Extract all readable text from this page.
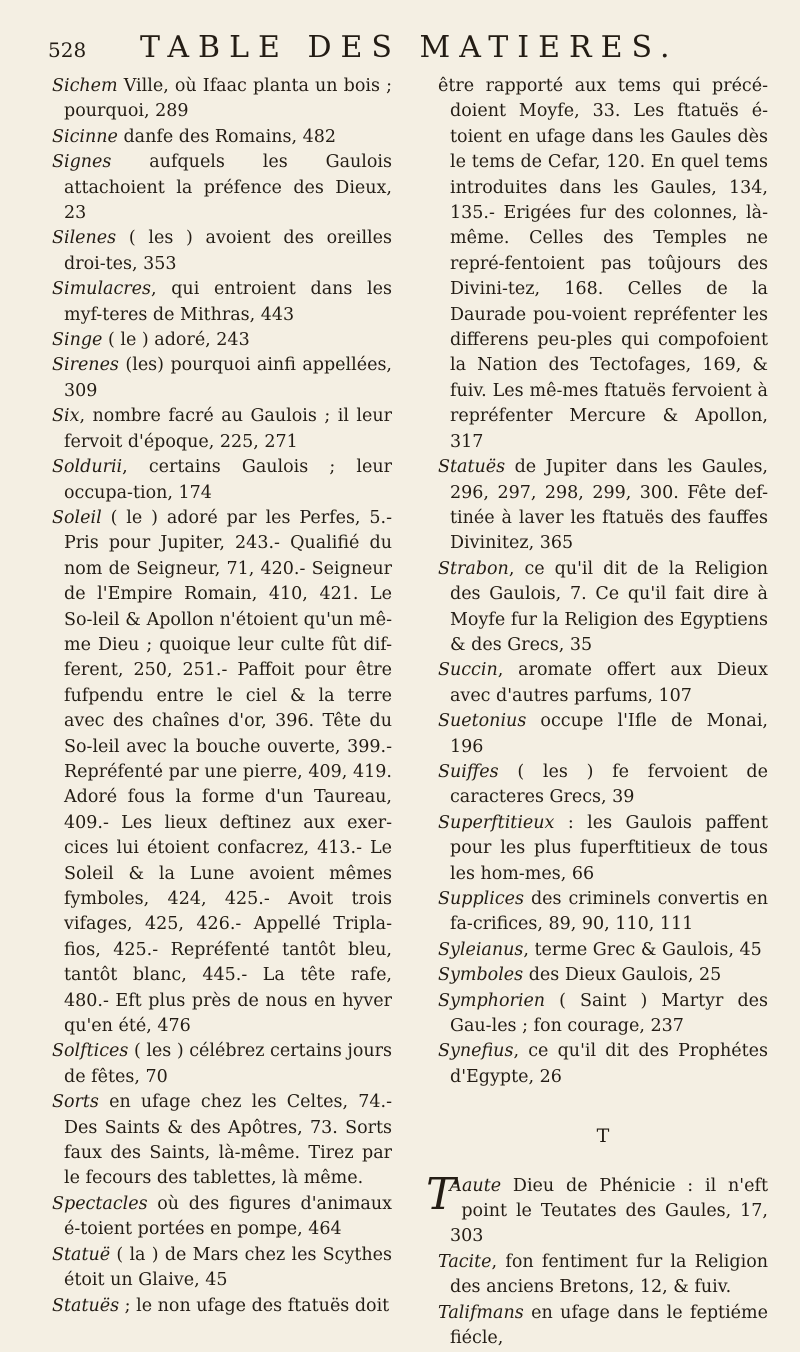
528 TABLE DES MATIERES.

Sichem Ville, où Ifaac planta un bois ; pourquoi, 289

Sicinne danfe des Romains, 482

Signes aufquels les Gaulois attachoient la préfence des Dieux, 23

Silenes ( les ) avoient des oreilles droi-tes, 353

Simulacres, qui entroient dans les myf-teres de Mithras, 443

Singe ( le ) adoré, 243

Sirenes (les) pourquoi ainfi appellées, 309

Six, nombre facré au Gaulois ; il leur fervoit d'époque, 225, 271

Soldurii, certains Gaulois ; leur occupa-tion, 174

Soleil ( le ) adoré par les Perfes, 5.- Pris pour Jupiter, 243.- Qualifié du nom de Seigneur, 71, 420.- Seigneur de l'Empire Romain, 410, 421. Le So-leil & Apollon n'étoient qu'un mê-me Dieu ; quoique leur culte fût dif-ferent, 250, 251.- Paffoit pour être fufpendu entre le ciel & la terre avec des chaînes d'or, 396. Tête du So-leil avec la bouche ouverte, 399.- Repréfenté par une pierre, 409, 419. Adoré fous la forme d'un Taureau, 409.- Les lieux deftinez aux exer-cices lui étoient confacrez, 413.- Le Soleil & la Lune avoient mêmes fymboles, 424, 425.- Avoit trois vifages, 425, 426.- Appellé Tripla-fios, 425.- Repréfenté tantôt bleu, tantôt blanc, 445.- La tête rafe, 480.- Eft plus près de nous en hyver qu'en été, 476

Solftices ( les ) célébrez certains jours de fêtes, 70

Sorts en ufage chez les Celtes, 74.- Des Saints & des Apôtres, 73. Sorts faux des Saints, là-même. Tirez par le fecours des tablettes, là même.

Spectacles où des figures d'animaux é-toient portées en pompe, 464

Statuë ( la ) de Mars chez les Scythes étoit un Glaive, 45

Statuës ; le non ufage des ftatuës doit

être rapporté aux tems qui précé-doient Moyfe, 33. Les ftatuës é-toient en ufage dans les Gaules dès le tems de Cefar, 120. En quel tems introduites dans les Gaules, 134, 135.- Erigées fur des colonnes, là-même. Celles des Temples ne repré-fentoient pas toûjours des Divini-tez, 168. Celles de la Daurade pou-voient repréfenter les differens peu-ples qui compofoient la Nation des Tectofages, 169, & fuiv. Les mê-mes ftatuës fervoient à repréfenter Mercure & Apollon, 317

Statuës de Jupiter dans les Gaules, 296, 297, 298, 299, 300. Fête def-tinée à laver les ftatuës des fauffes Divinitez, 365

Strabon, ce qu'il dit de la Religion des Gaulois, 7. Ce qu'il fait dire à Moyfe fur la Religion des Egyptiens & des Grecs, 35

Succin, aromate offert aux Dieux avec d'autres parfums, 107

Suetonius occupe l'Ifle de Monai, 196

Suiffes ( les ) fe fervoient de caracteres Grecs, 39

Superftitieux : les Gaulois paffent pour les plus fuperftitieux de tous les hom-mes, 66

Supplices des criminels convertis en fa-crifices, 89, 90, 110, 111

Syleianus, terme Grec & Gaulois, 45

Symboles des Dieux Gaulois, 25

Symphorien ( Saint ) Martyr des Gau-les ; fon courage, 237

Synefius, ce qu'il dit des Prophétes d'Egypte, 26

T

T
Aaute Dieu de Phénicie : il n'eft point le Teutates des Gaules, 17, 303

Tacite, fon fentiment fur la Religion des anciens Bretons, 12, & fuiv.

Talifmans en ufage dans le feptiéme fiécle,
